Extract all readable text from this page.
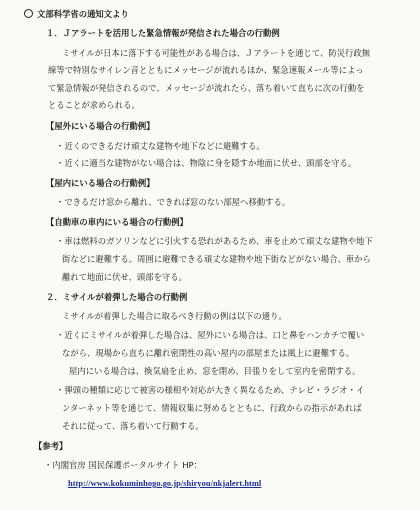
文部科学省の通知文より
１．Ｊアラートを活用した緊急情報が発信された場合の行動例
ミサイルが日本に落下する可能性がある場合は、Ｊアラートを通じて、防災行政無
線等で特別なサイレン音とともにメッセージが流れるほか、緊急速報メール等によっ
て緊急情報が発信されるので、メッセージが流れたら、落ち着いて直ちに次の行動を
とることが求められる。
【屋外にいる場合の行動例】
・近くのできるだけ頑丈な建物や地下などに避難する。
・近くに適当な建物がない場合は、物陰に身を隠すか地面に伏せ、頭部を守る。
【屋内にいる場合の行動例】
・できるだけ窓から離れ、できれば窓のない部屋へ移動する。
【自動車の車内にいる場合の行動例】
・車は燃料のガソリンなどに引火する恐れがあるため、車を止めて頑丈な建物や地下
街などに避難する。周囲に避難できる頑丈な建物や地下街などがない場合、車から
離れて地面に伏せ、頭部を守る。
２．ミサイルが着弾した場合の行動例
ミサイルが着弾した場合に取るべき行動の例は以下の通り。
・近くにミサイルが着弾した場合は、屋外にいる場合は、口と鼻をハンカチで覆い
ながら、現場から直ちに離れ密閉性の高い屋内の部屋または風上に避難する。
屋内にいる場合は、換気扇を止め、窓を閉め、目張りをして室内を密閉する。
・弾頭の種類に応じて被害の様相や対応が大きく異なるため、テレビ・ラジオ・イ
ンターネット等を通じて、情報収集に努めるとともに、行政からの指示があれば
それに従って、落ち着いて行動する。
【参考】
・内閣官房 国民保護ポータルサイト HP：
http://www.kokuminhogo.go.jp/shiryou/nkjalert.html
